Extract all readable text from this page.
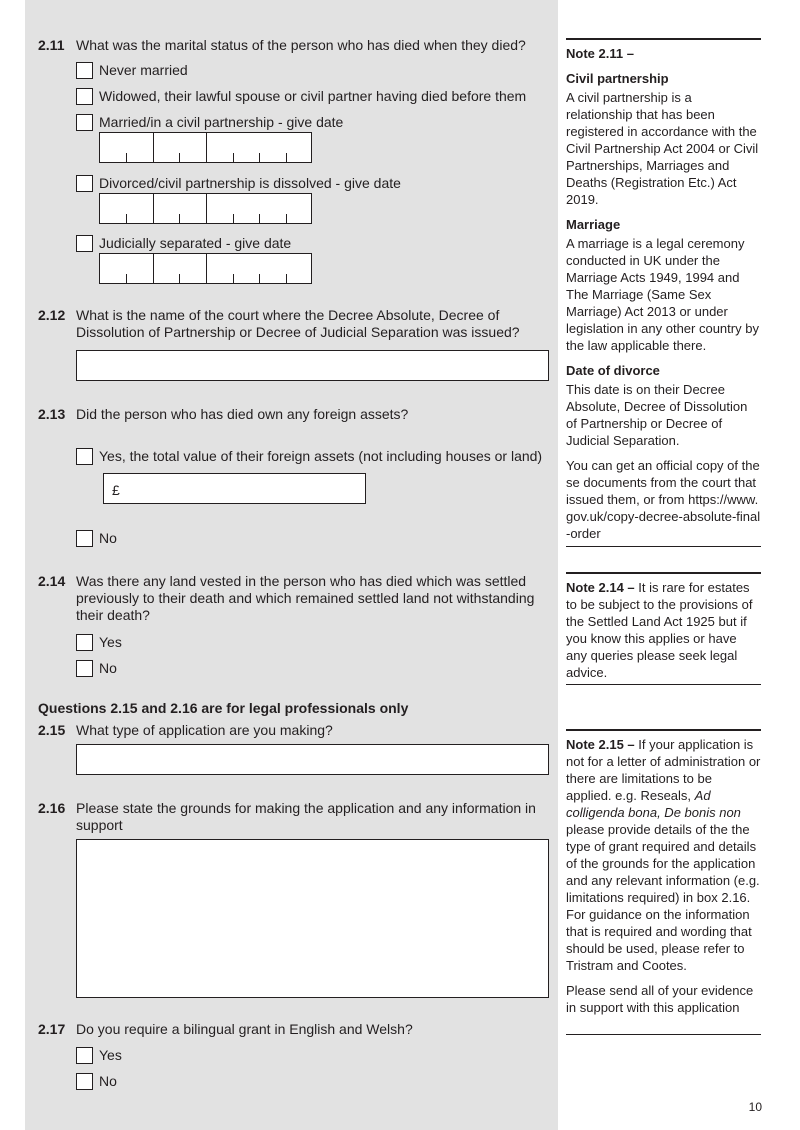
2.11 What was the marital status of the person who has died when they died?
Never married
Widowed, their lawful spouse or civil partner having died before them
Married/in a civil partnership - give date
Divorced/civil partnership is dissolved - give date
Judicially separated - give date
2.12 What is the name of the court where the Decree Absolute, Decree of Dissolution of Partnership or Decree of Judicial Separation was issued?
2.13 Did the person who has died own any foreign assets?
Yes, the total value of their foreign assets (not including houses or land)
£
No
2.14 Was there any land vested in the person who has died which was settled previously to their death and which remained settled land not withstanding their death?
Yes
No
Questions 2.15 and 2.16 are for legal professionals only
2.15 What type of application are you making?
2.16 Please state the grounds for making the application and any information in support
2.17 Do you require a bilingual grant in English and Welsh?
Yes
No
Note 2.11 –
Civil partnership

A civil partnership is a relationship that has been registered in accordance with the Civil Partnership Act 2004 or Civil Partnerships, Marriages and Deaths (Registration Etc.) Act 2019.

Marriage

A marriage is a legal ceremony conducted in UK under the Marriage Acts 1949, 1994 and The Marriage (Same Sex Marriage) Act 2013 or under legislation in any other country by the law applicable there.

Date of divorce

This date is on their Decree Absolute, Decree of Dissolution of Partnership or Decree of Judicial Separation.

You can get an official copy of these documents from the court that issued them, or from https://www.gov.uk/copy-decree-absolute-final-order

Note 2.14 – It is rare for estates to be subject to the provisions of the Settled Land Act 1925 but if you know this applies or have any queries please seek legal advice.

Note 2.15 – If your application is not for a letter of administration or there are limitations to be applied. e.g. Reseals, Ad colligenda bona, De bonis non please provide details of the the type of grant required and details of the grounds for the application and any relevant information (e.g. limitations required) in box 2.16. For guidance on the information that is required and wording that should be used, please refer to Tristram and Cootes.

Please send all of your evidence in support with this application

10
